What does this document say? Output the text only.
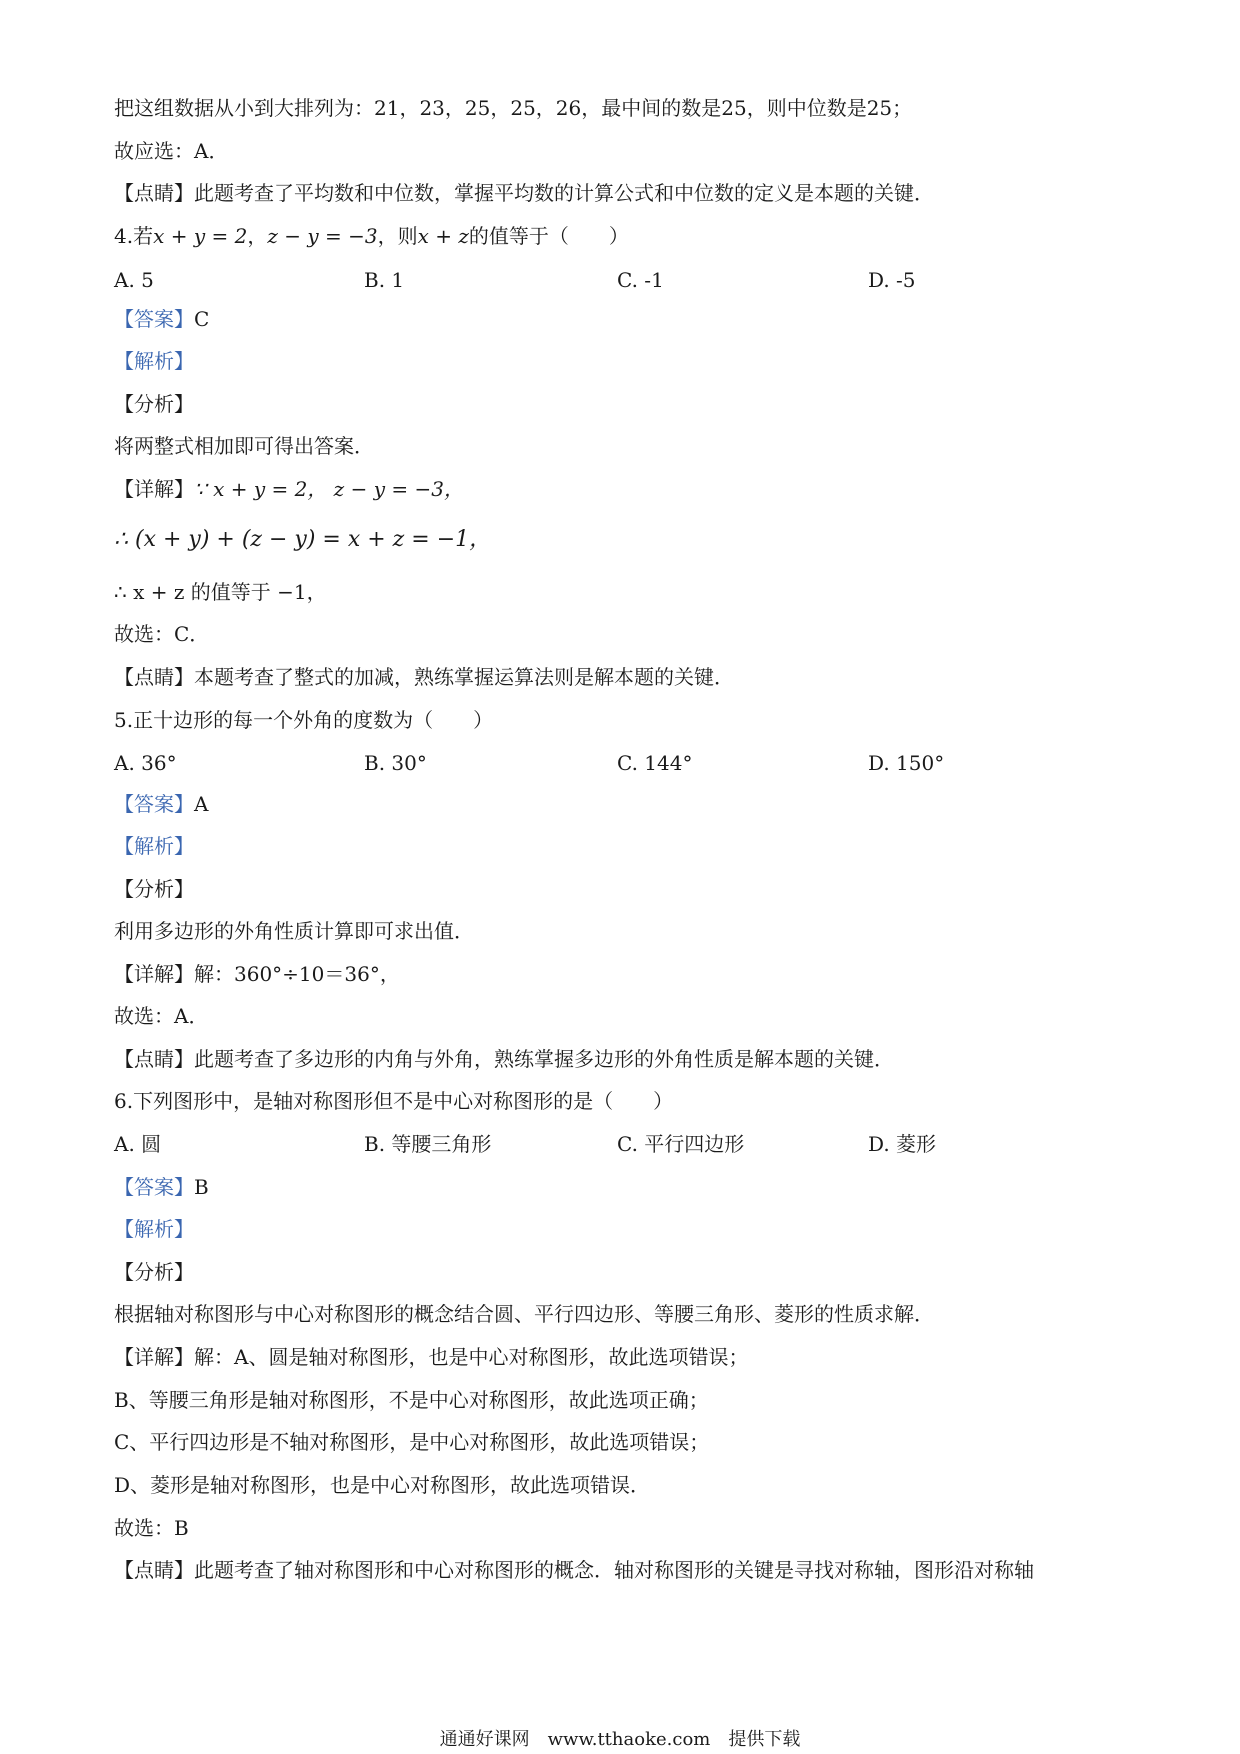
把这组数据从小到大排列为：21，23，25，25，26，最中间的数是25，则中位数是25；
故应选：A．
【点睛】此题考查了平均数和中位数，掌握平均数的计算公式和中位数的定义是本题的关键．
4.若x + y = 2，z − y = −3，则x + z的值等于（　　）
A. 5	B. 1	C. -1	D. -5
【答案】C
【解析】
【分析】
将两整式相加即可得出答案．
【详解】∵ x + y = 2， z − y = −3，
∴ (x + y) + (z − y) = x + z = −1，
∴ x + z 的值等于 −1，
故选：C．
【点睛】本题考查了整式的加减，熟练掌握运算法则是解本题的关键．
5.正十边形的每一个外角的度数为（　　）
A. 36°	B. 30°	C. 144°	D. 150°
【答案】A
【解析】
【分析】
利用多边形的外角性质计算即可求出值．
【详解】解：360°÷10＝36°，
故选：A．
【点睛】此题考查了多边形的内角与外角，熟练掌握多边形的外角性质是解本题的关键．
6.下列图形中，是轴对称图形但不是中心对称图形的是（　　）
A. 圆	B. 等腰三角形	C. 平行四边形	D. 菱形
【答案】B
【解析】
【分析】
根据轴对称图形与中心对称图形的概念结合圆、平行四边形、等腰三角形、菱形的性质求解．
【详解】解：A、圆是轴对称图形，也是中心对称图形，故此选项错误；
B、等腰三角形是轴对称图形，不是中心对称图形，故此选项正确；
C、平行四边形是不轴对称图形，是中心对称图形，故此选项错误；
D、菱形是轴对称图形，也是中心对称图形，故此选项错误．
故选：B
【点睛】此题考查了轴对称图形和中心对称图形的概念．轴对称图形的关键是寻找对称轴，图形沿对称轴
通通好课网　www.tthaoke.com　提供下载
